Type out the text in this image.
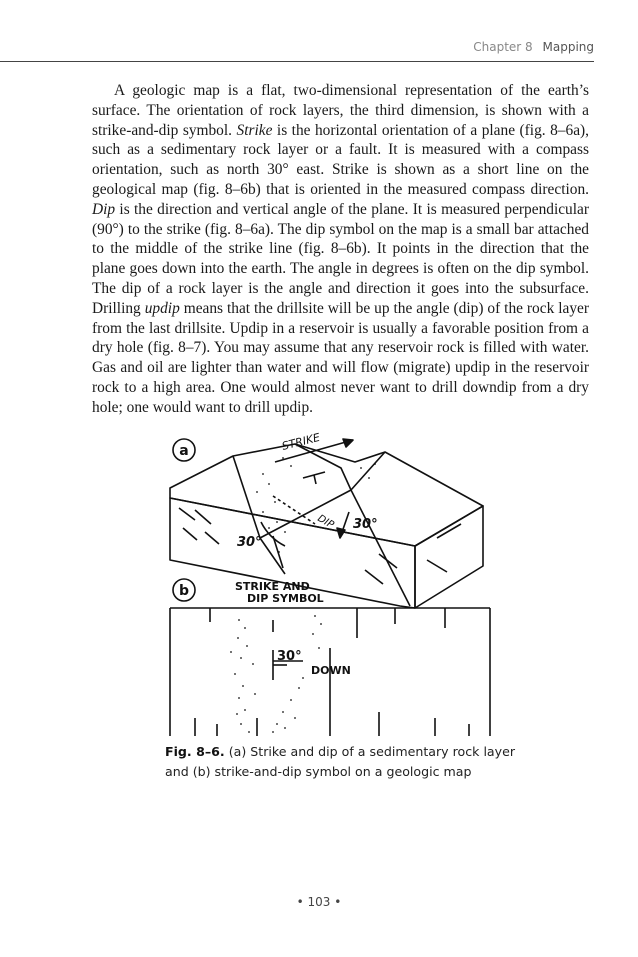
Chapter 8 Mapping

A geologic map is a flat, two-dimensional representation of the earth’s surface. The orientation of rock layers, the third dimension, is shown with a strike-and-dip symbol. Strike is the horizontal orientation of a plane (fig. 8–6a), such as a sedimentary rock layer or a fault. It is measured with a compass orientation, such as north 30° east. Strike is shown as a short line on the geological map (fig. 8–6b) that is oriented in the measured compass direction. Dip is the direction and vertical angle of the plane. It is measured perpendicular (90°) to the strike (fig. 8–6a). The dip symbol on the map is a small bar attached to the middle of the strike line (fig. 8–6b). It points in the direction that the plane goes down into the earth. The angle in degrees is often on the dip symbol. The dip of a rock layer is the angle and direction it goes into the subsurface. Drilling updip means that the drillsite will be up the angle (dip) of the rock layer from the last drillsite. Updip in a reservoir is usually a favorable position from a dry hole (fig. 8–7). You may assume that any reservoir rock is filled with water. Gas and oil are lighter than water and will flow (migrate) updip in the reservoir rock to a high area. One would almost never want to drill downdip from a dry hole; one would want to drill updip.

a
b
STRIKE
DIP 30°
30°
STRIKE AND
DIP SYMBOL
30°
DOWN
Fig. 8–6. (a) Strike and dip of a sedimentary rock layer and (b) strike-and-dip symbol on a geologic map
• 103 •
